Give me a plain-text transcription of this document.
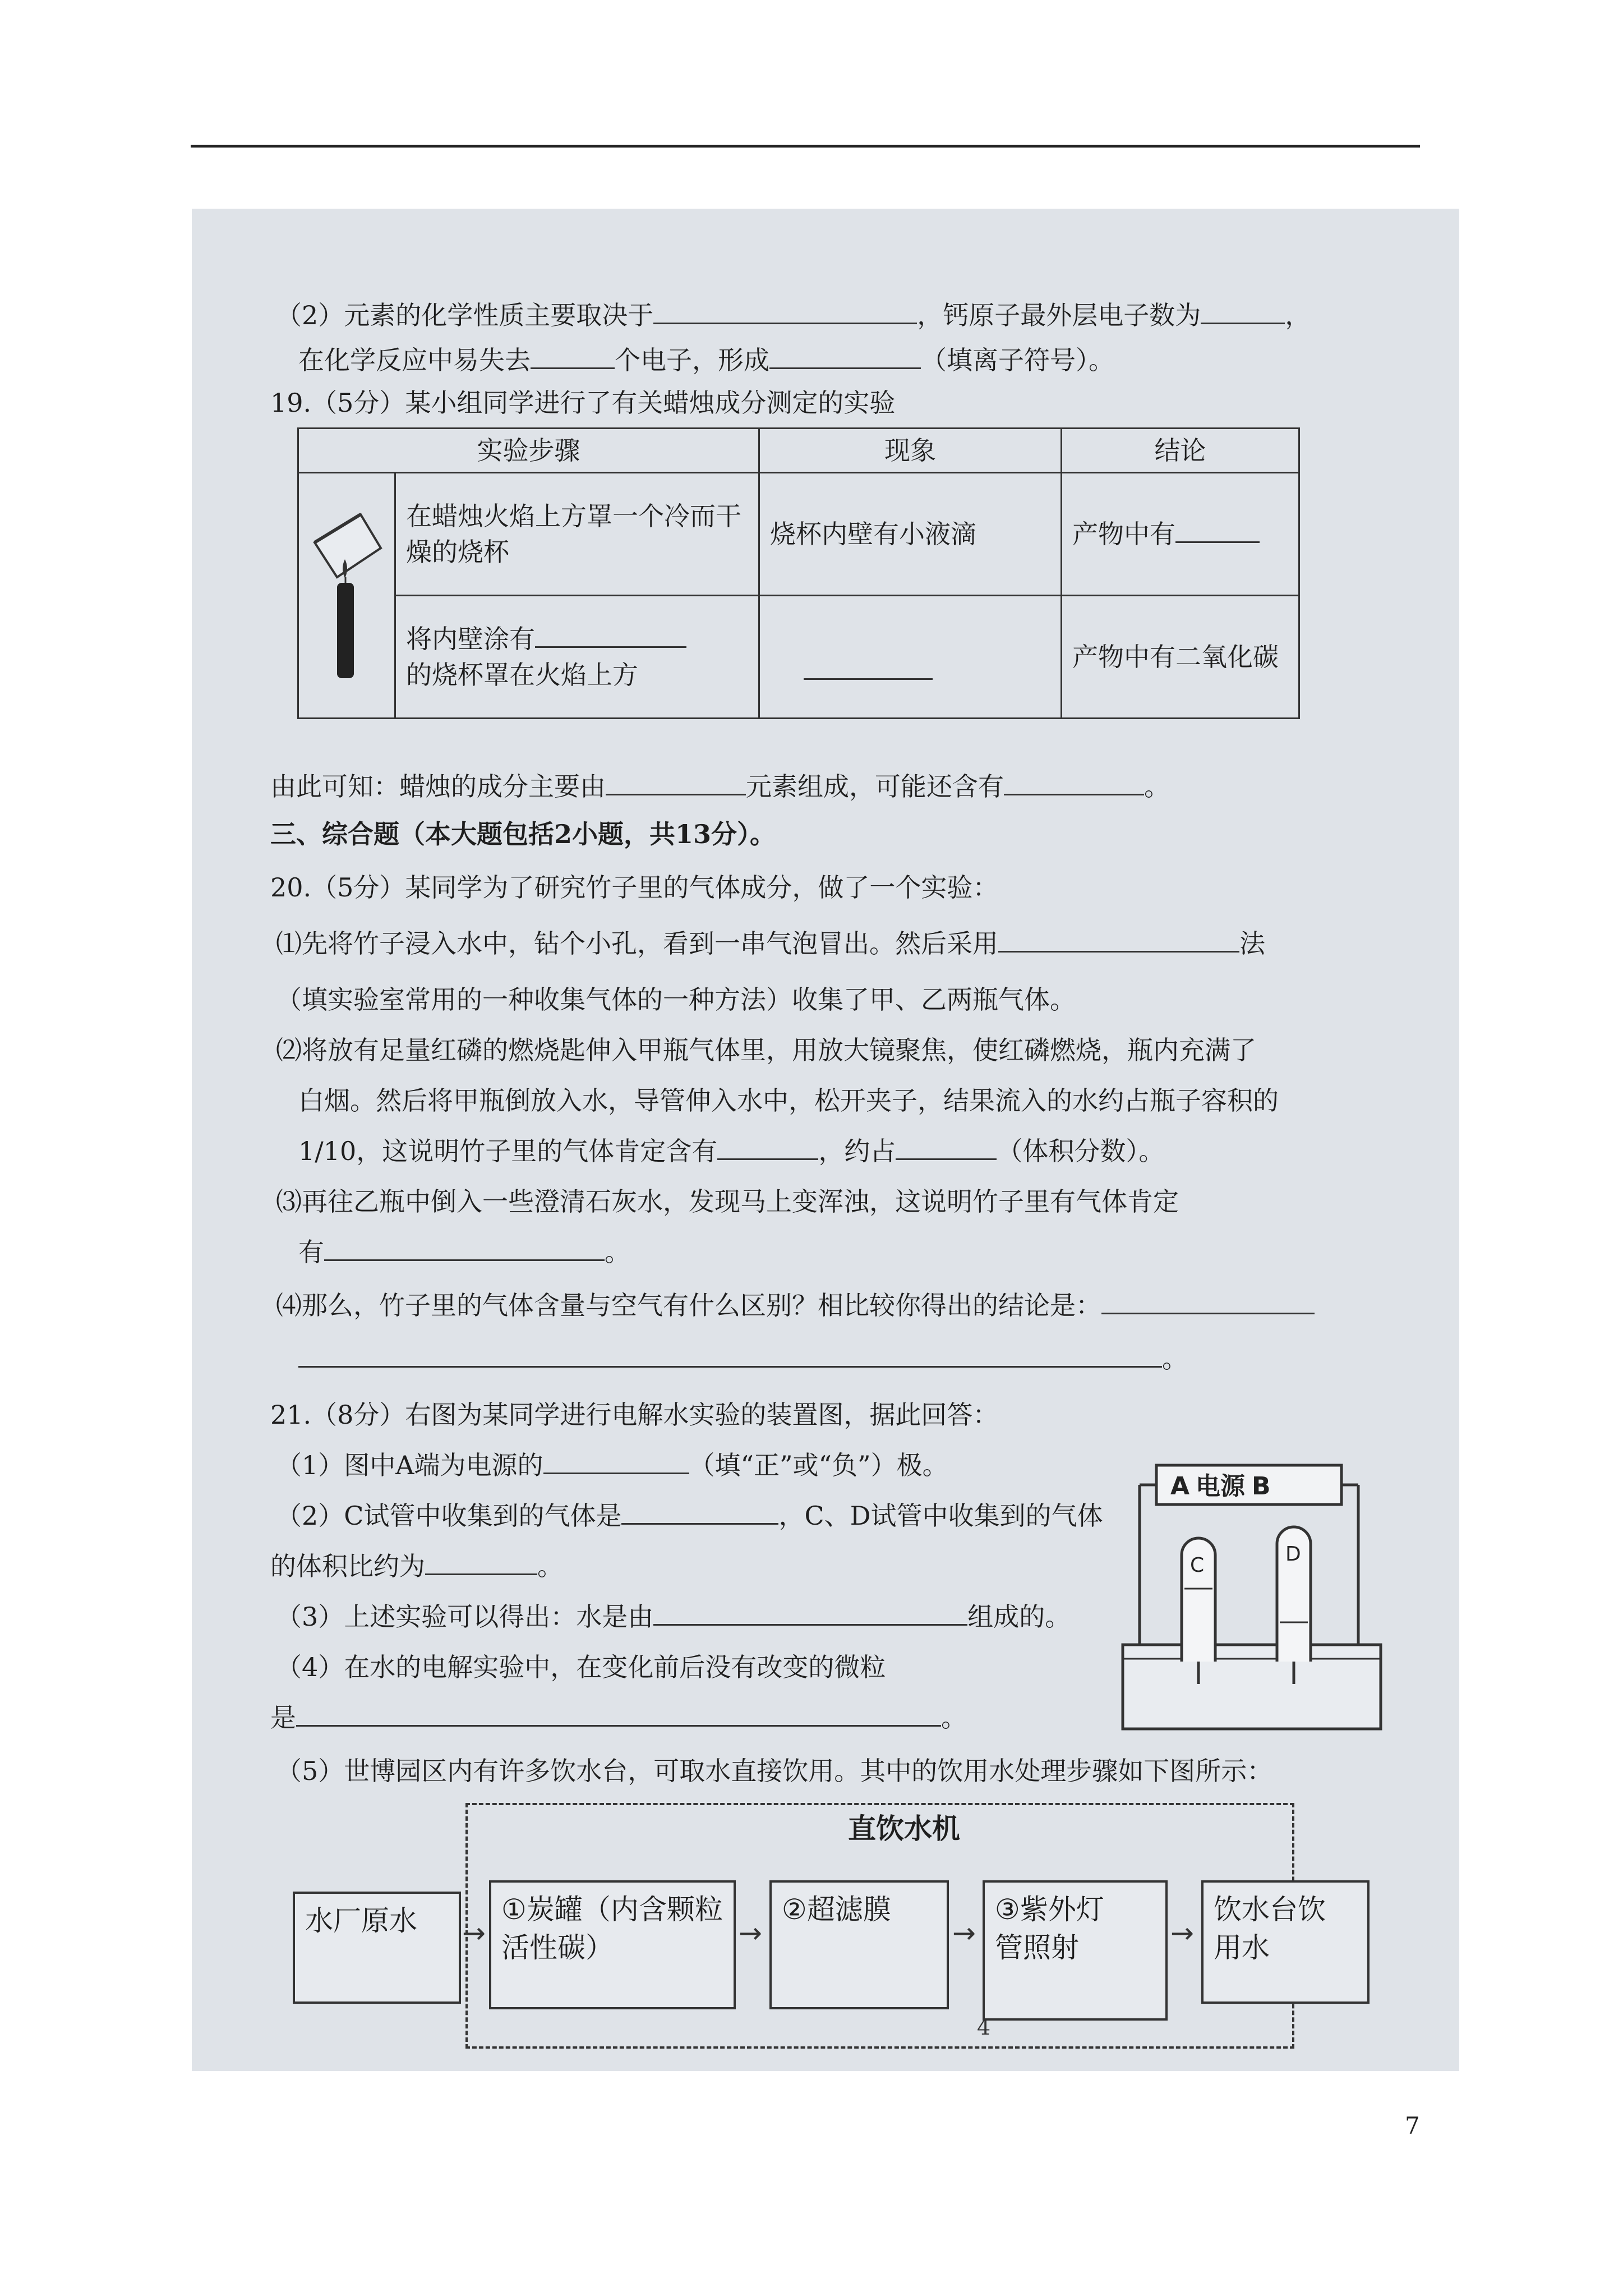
（2）元素的化学性质主要取决于	，钙原子最外层电子数为	，
在化学反应中易失去	个电子，形成	（填离子符号）。
19.（5分）某小组同学进行了有关蜡烛成分测定的实验
实验步骤		现象	结论

在蜡烛火焰上方罩一个冷而干
燥的烧杯	烧杯内壁有小液滴	产物中有

	将内壁涂有
的烧杯罩在火焰上方		产物中有二氧化碳
由此可知：蜡烛的成分主要由	元素组成，可能还含有	。
三、综合题（本大题包括2小题，共13分）。
20.（5分）某同学为了研究竹子里的气体成分，做了一个实验：
⑴先将竹子浸入水中，钻个小孔，看到一串气泡冒出。然后采用	法
（填实验室常用的一种收集气体的一种方法）收集了甲、乙两瓶气体。
⑵将放有足量红磷的燃烧匙伸入甲瓶气体里，用放大镜聚焦，使红磷燃烧，瓶内充满了
白烟。然后将甲瓶倒放入水，导管伸入水中，松开夹子，结果流入的水约占瓶子容积的
1/10，这说明竹子里的气体肯定含有	，约占	（体积分数）。
⑶再往乙瓶中倒入一些澄清石灰水，发现马上变浑浊，这说明竹子里有气体肯定
有	。
⑷那么，竹子里的气体含量与空气有什么区别？相比较你得出的结论是：
。
21.（8分）右图为某同学进行电解水实验的装置图，据此回答：
（1）图中A端为电源的	（填“正”或“负”）极。
（2）C试管中收集到的气体是	，C、D试管中收集到的气体
的体积比约为	。
（3）上述实验可以得出：水是由	组成的。
（4）在水的电解实验中，在变化前后没有改变的微粒
是	。
（5）世博园区内有许多饮水台，可取水直接饮用。其中的饮用水处理步骤如下图所示：
A 电源 B
C	D
直饮水机
水厂原水	→
①炭罐（内含颗粒
活性碳）	→
②超滤膜
→
③紫外灯
管照射	→
饮水台饮
用水
4
7
